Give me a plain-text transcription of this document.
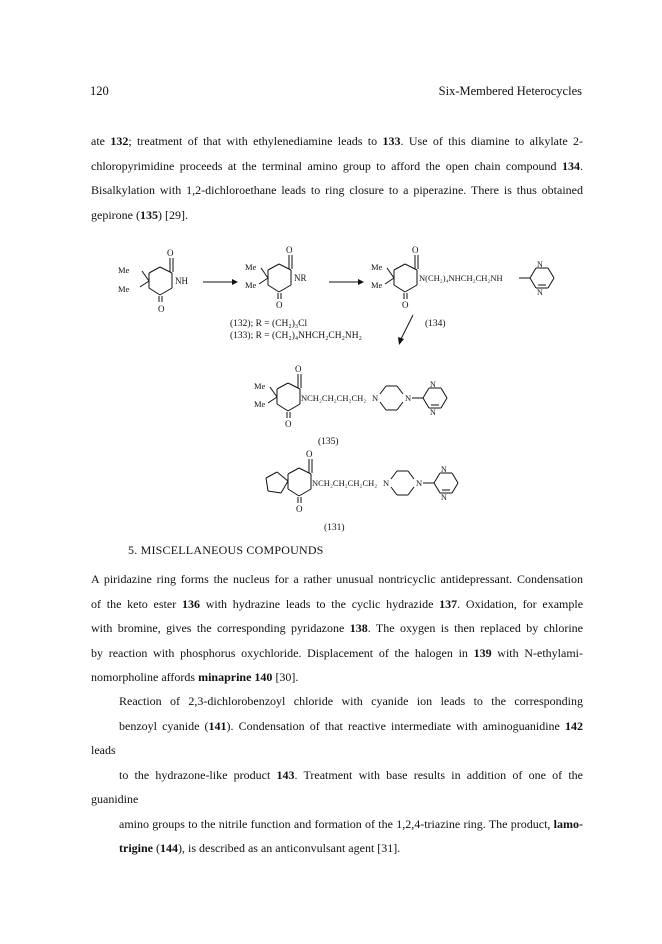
120	Six-Membered Heterocycles
ate 132; treatment of that with ethylenediamine leads to 133. Use of this diamine to alkylate 2-
chloropyrimidine proceeds at the terminal amino group to afford the open chain compound 134.
Bisalkylation with 1,2-dichloroethane leads to ring closure to a piperazine. There is thus obtained
gepirone (135) [29].
O
O
NH
Me
Me
O
O
NR
Me
Me
O
O
Me
Me
N(CH₂)₄NHCH₂CH₂NH
N
N
(132); R = (CH₂)₃Cl
(133); R = (CH₂)₄NHCH₂CH₂NH₂
(134)
O
O
Me
Me
NCH₂CH₂CH₂CH₂ N	N
N
N
(135)
O
O
NCH₂CH₂CH₂CH₂ N	N
N
N
(131)
5. MISCELLANEOUS COMPOUNDS
A piridazine ring forms the nucleus for a rather unusual nontricyclic antidepressant. Condensation
of the keto ester 136 with hydrazine leads to the cyclic hydrazide 137. Oxidation, for example
with bromine, gives the corresponding pyridazone 138. The oxygen is then replaced by chlorine
by reaction with phosphorus oxychloride. Displacement of the halogen in 139 with N-ethylami-
nomorpholine affords minaprine 140 [30].
Reaction of 2,3-dichlorobenzoyl chloride with cyanide ion leads to the corresponding
benzoyl cyanide (141). Condensation of that reactive intermediate with aminoguanidine 142 leads
to the hydrazone-like product 143. Treatment with base results in addition of one of the guanidine
amino groups to the nitrile function and formation of the 1,2,4-triazine ring. The product, lamo-
trigine (144), is described as an anticonvulsant agent [31].
